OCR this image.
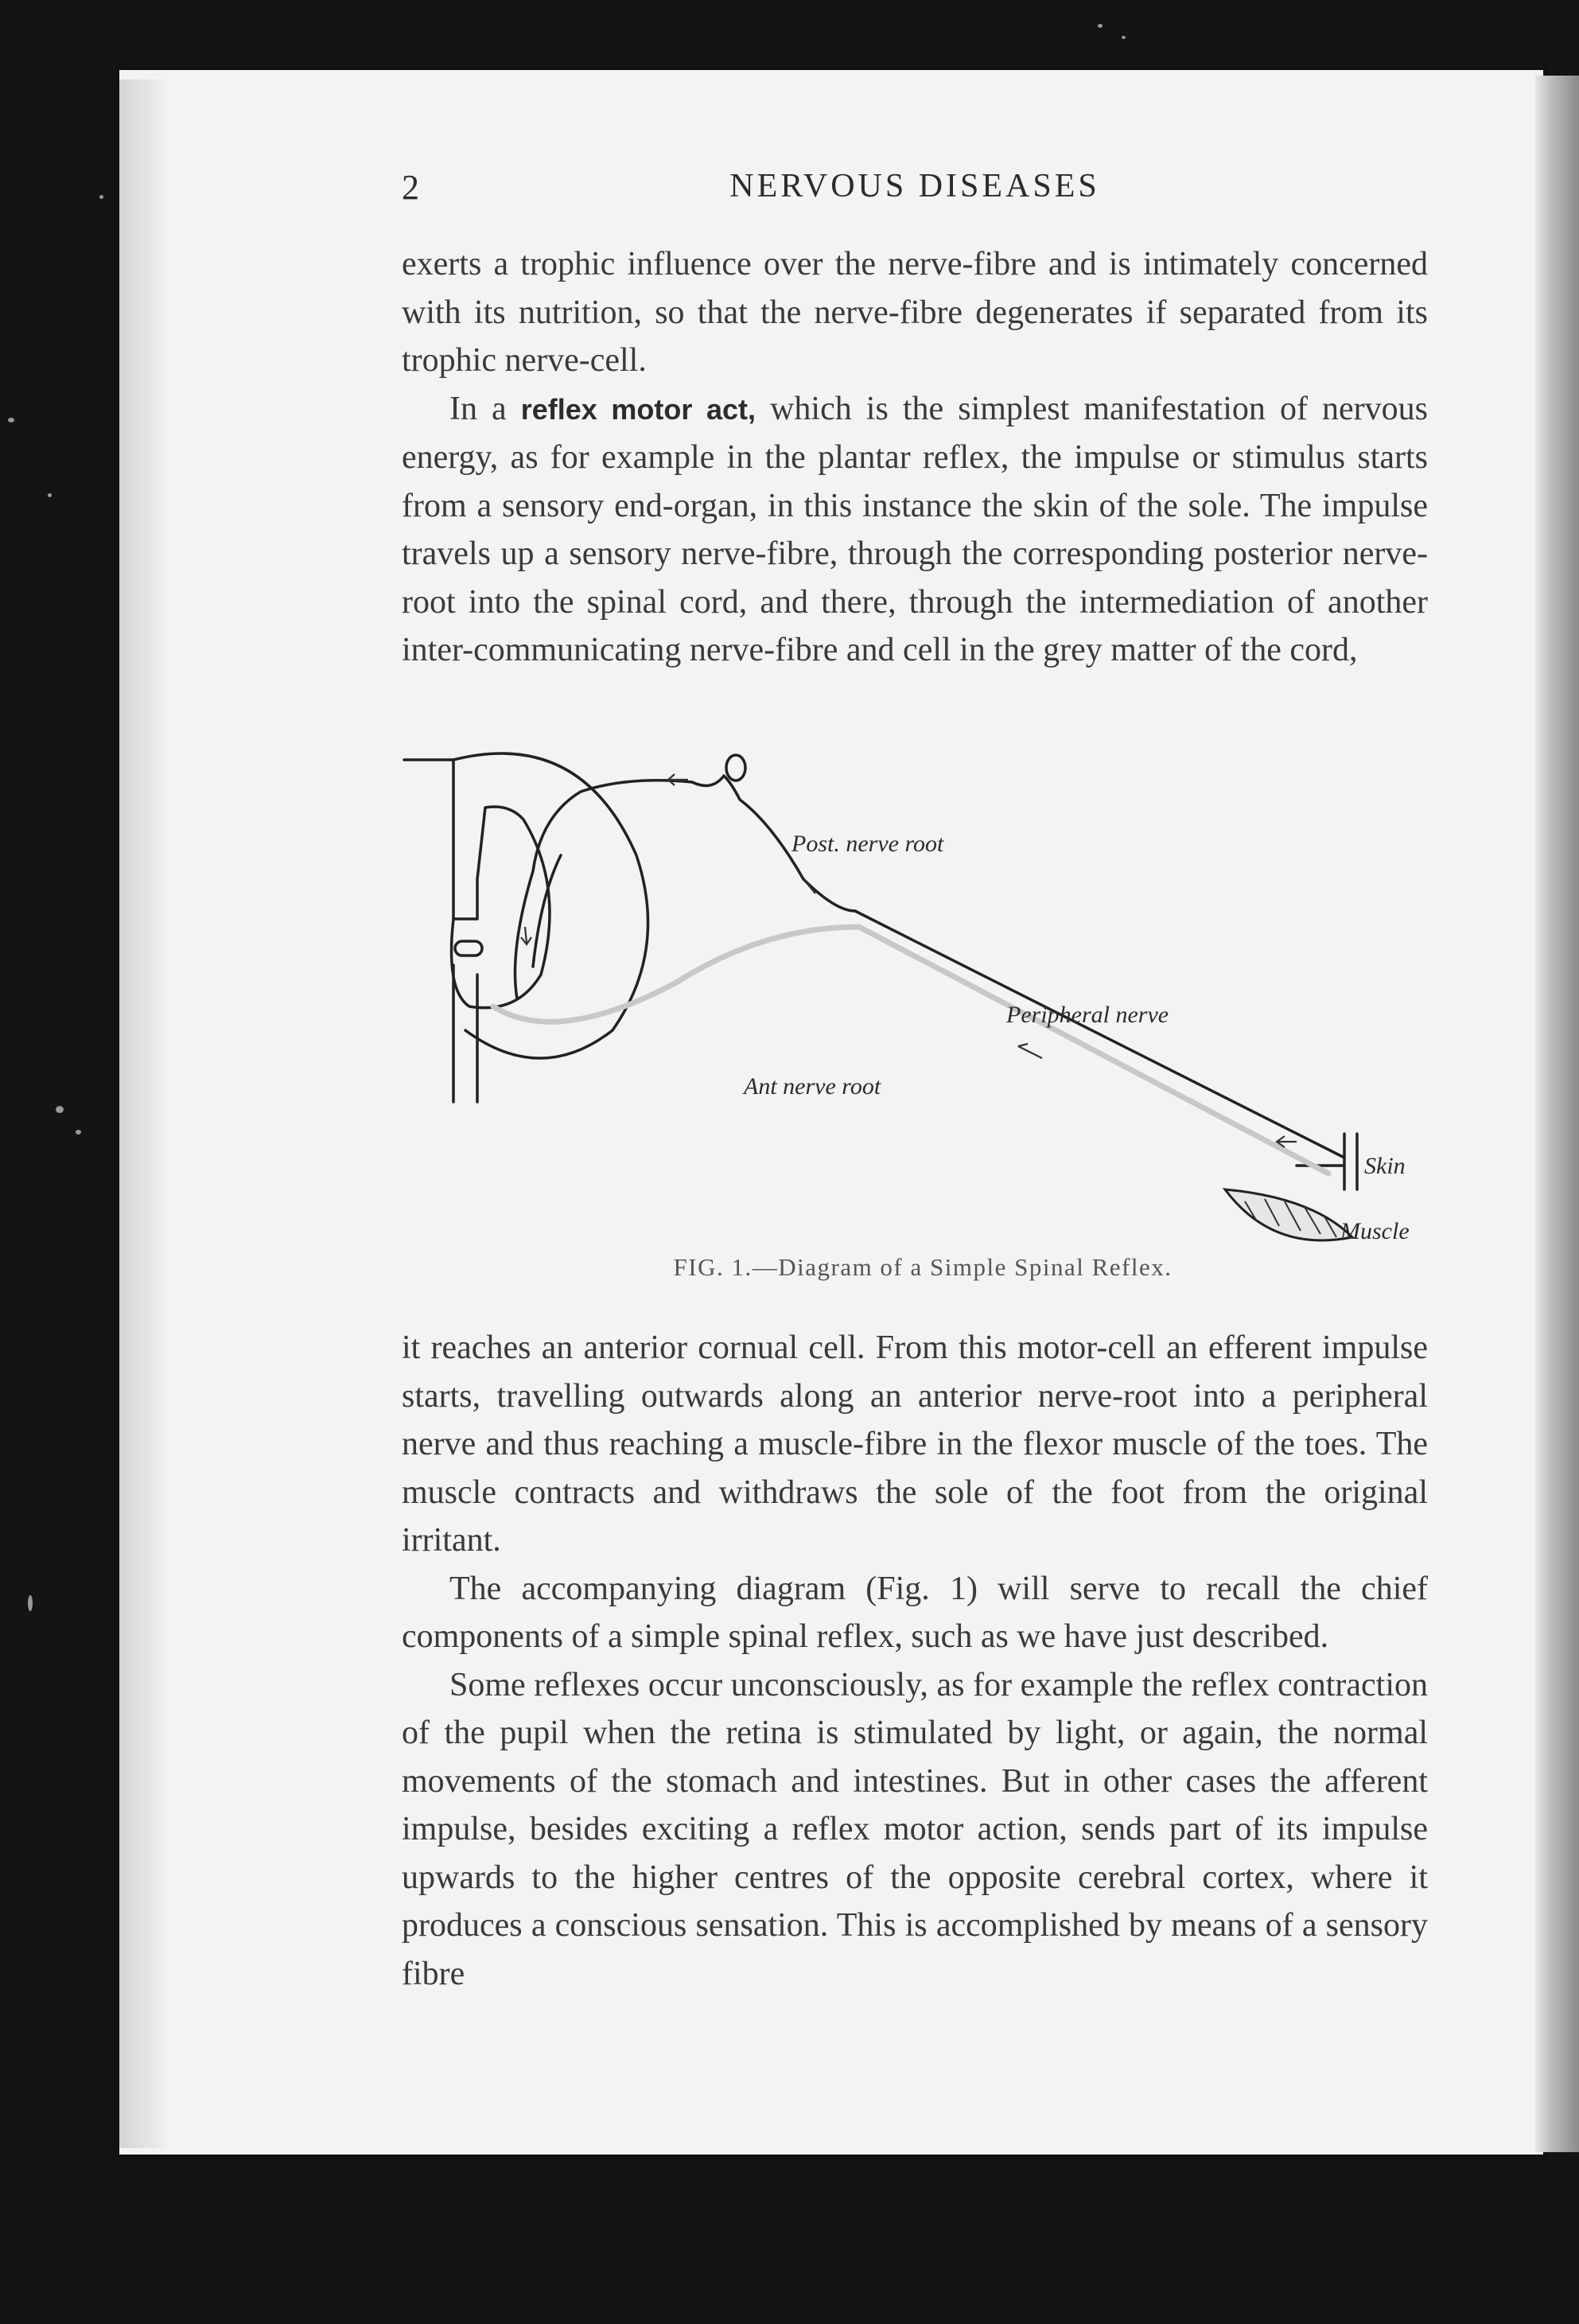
2	NERVOUS DISEASES

exerts a trophic influence over the nerve-fibre and is intimately concerned with its nutrition, so that the nerve-fibre degenerates if separated from its trophic nerve-cell.

In a reflex motor act, which is the simplest manifestation of nervous energy, as for example in the plantar reflex, the impulse or stimulus starts from a sensory end-organ, in this instance the skin of the sole. The impulse travels up a sensory nerve-fibre, through the corresponding posterior nerve-root into the spinal cord, and there, through the intermediation of another inter-communicating nerve-fibre and cell in the grey matter of the cord,

Post. nerve root
Peripheral nerve
Ant nerve root
Skin
Muscle
FIG. 1.—Diagram of a Simple Spinal Reflex.

it reaches an anterior cornual cell. From this motor-cell an efferent impulse starts, travelling outwards along an anterior nerve-root into a peripheral nerve and thus reaching a muscle-fibre in the flexor muscle of the toes. The muscle contracts and withdraws the sole of the foot from the original irritant.

The accompanying diagram (Fig. 1) will serve to recall the chief components of a simple spinal reflex, such as we have just described.

Some reflexes occur unconsciously, as for example the reflex contraction of the pupil when the retina is stimulated by light, or again, the normal movements of the stomach and intestines. But in other cases the afferent impulse, besides exciting a reflex motor action, sends part of its impulse upwards to the higher centres of the opposite cerebral cortex, where it produces a conscious sensation. This is accomplished by means of a sensory fibre
